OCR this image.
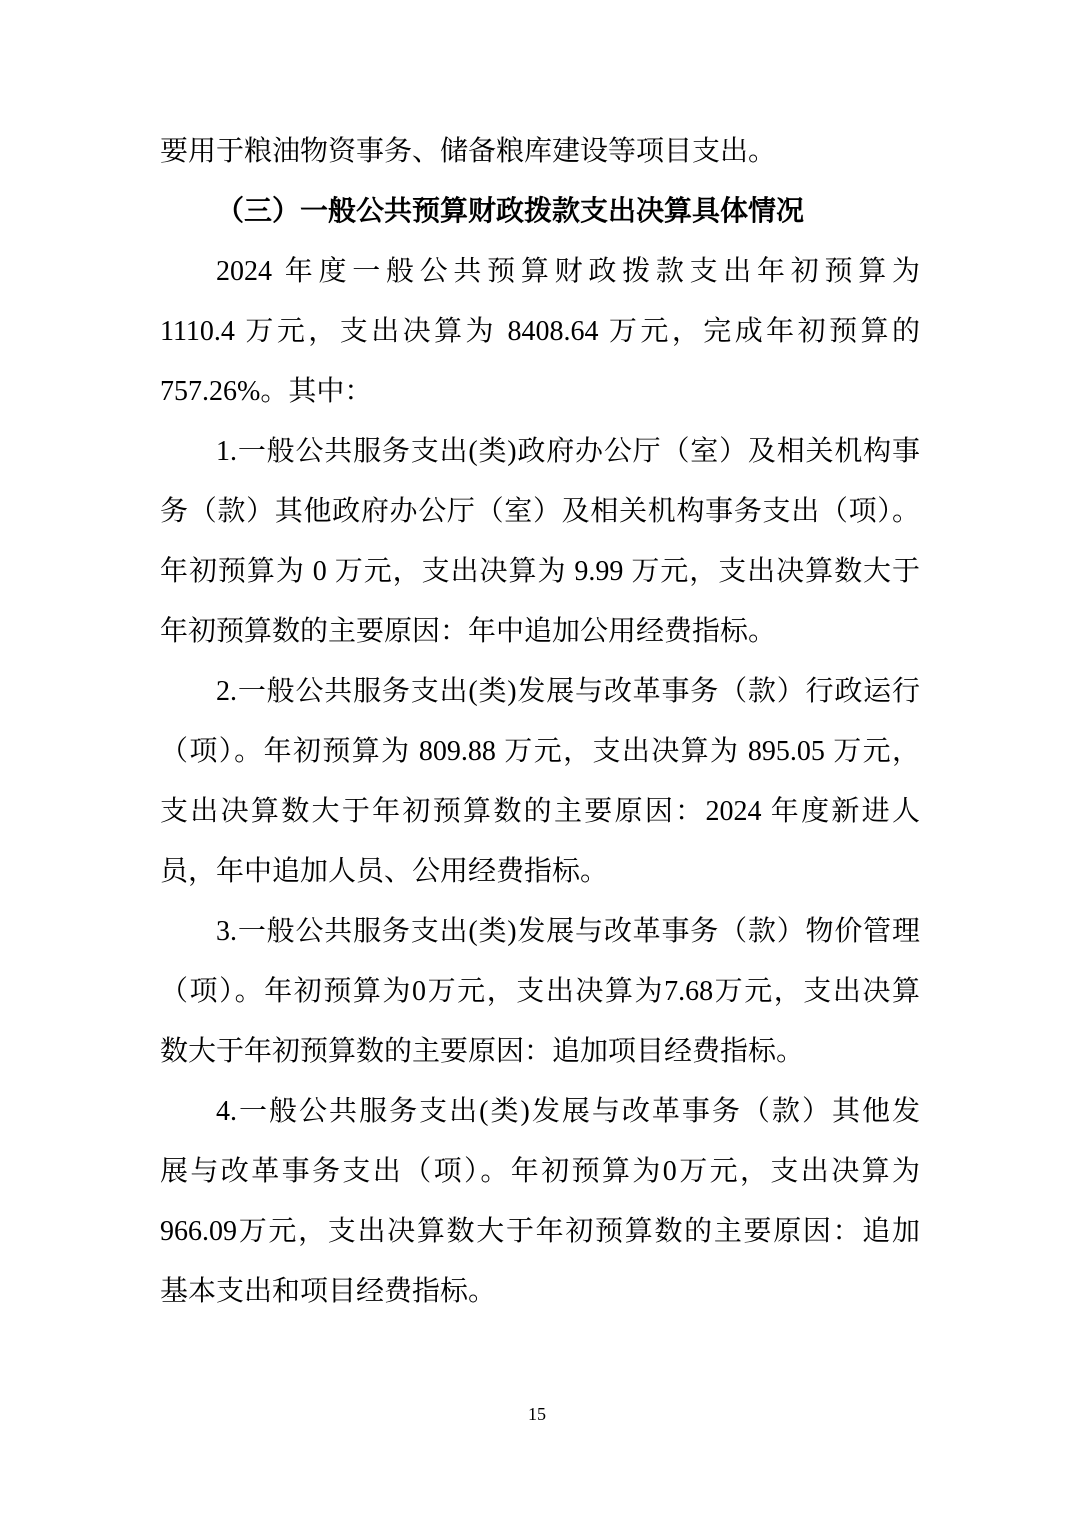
要用于粮油物资事务、储备粮库建设等项目支出。
（三）一般公共预算财政拨款支出决算具体情况
2024 年度一般公共预算财政拨款支出年初预算为
1110.4 万元，支出决算为 8408.64 万元，完成年初预算的
757.26%。其中：
1.一般公共服务支出(类)政府办公厅（室）及相关机构事
务（款）其他政府办公厅（室）及相关机构事务支出（项）。
年初预算为 0 万元，支出决算为 9.99 万元，支出决算数大于
年初预算数的主要原因：年中追加公用经费指标。
2.一般公共服务支出(类)发展与改革事务（款）行政运行
（项）。年初预算为 809.88 万元，支出决算为 895.05 万元，
支出决算数大于年初预算数的主要原因：2024 年度新进人
员，年中追加人员、公用经费指标。
3.一般公共服务支出(类)发展与改革事务（款）物价管理
（项）。年初预算为0万元，支出决算为7.68万元，支出决算
数大于年初预算数的主要原因：追加项目经费指标。
4.一般公共服务支出(类)发展与改革事务（款）其他发
展与改革事务支出（项）。年初预算为0万元，支出决算为
966.09万元，支出决算数大于年初预算数的主要原因：追加
基本支出和项目经费指标。
15
